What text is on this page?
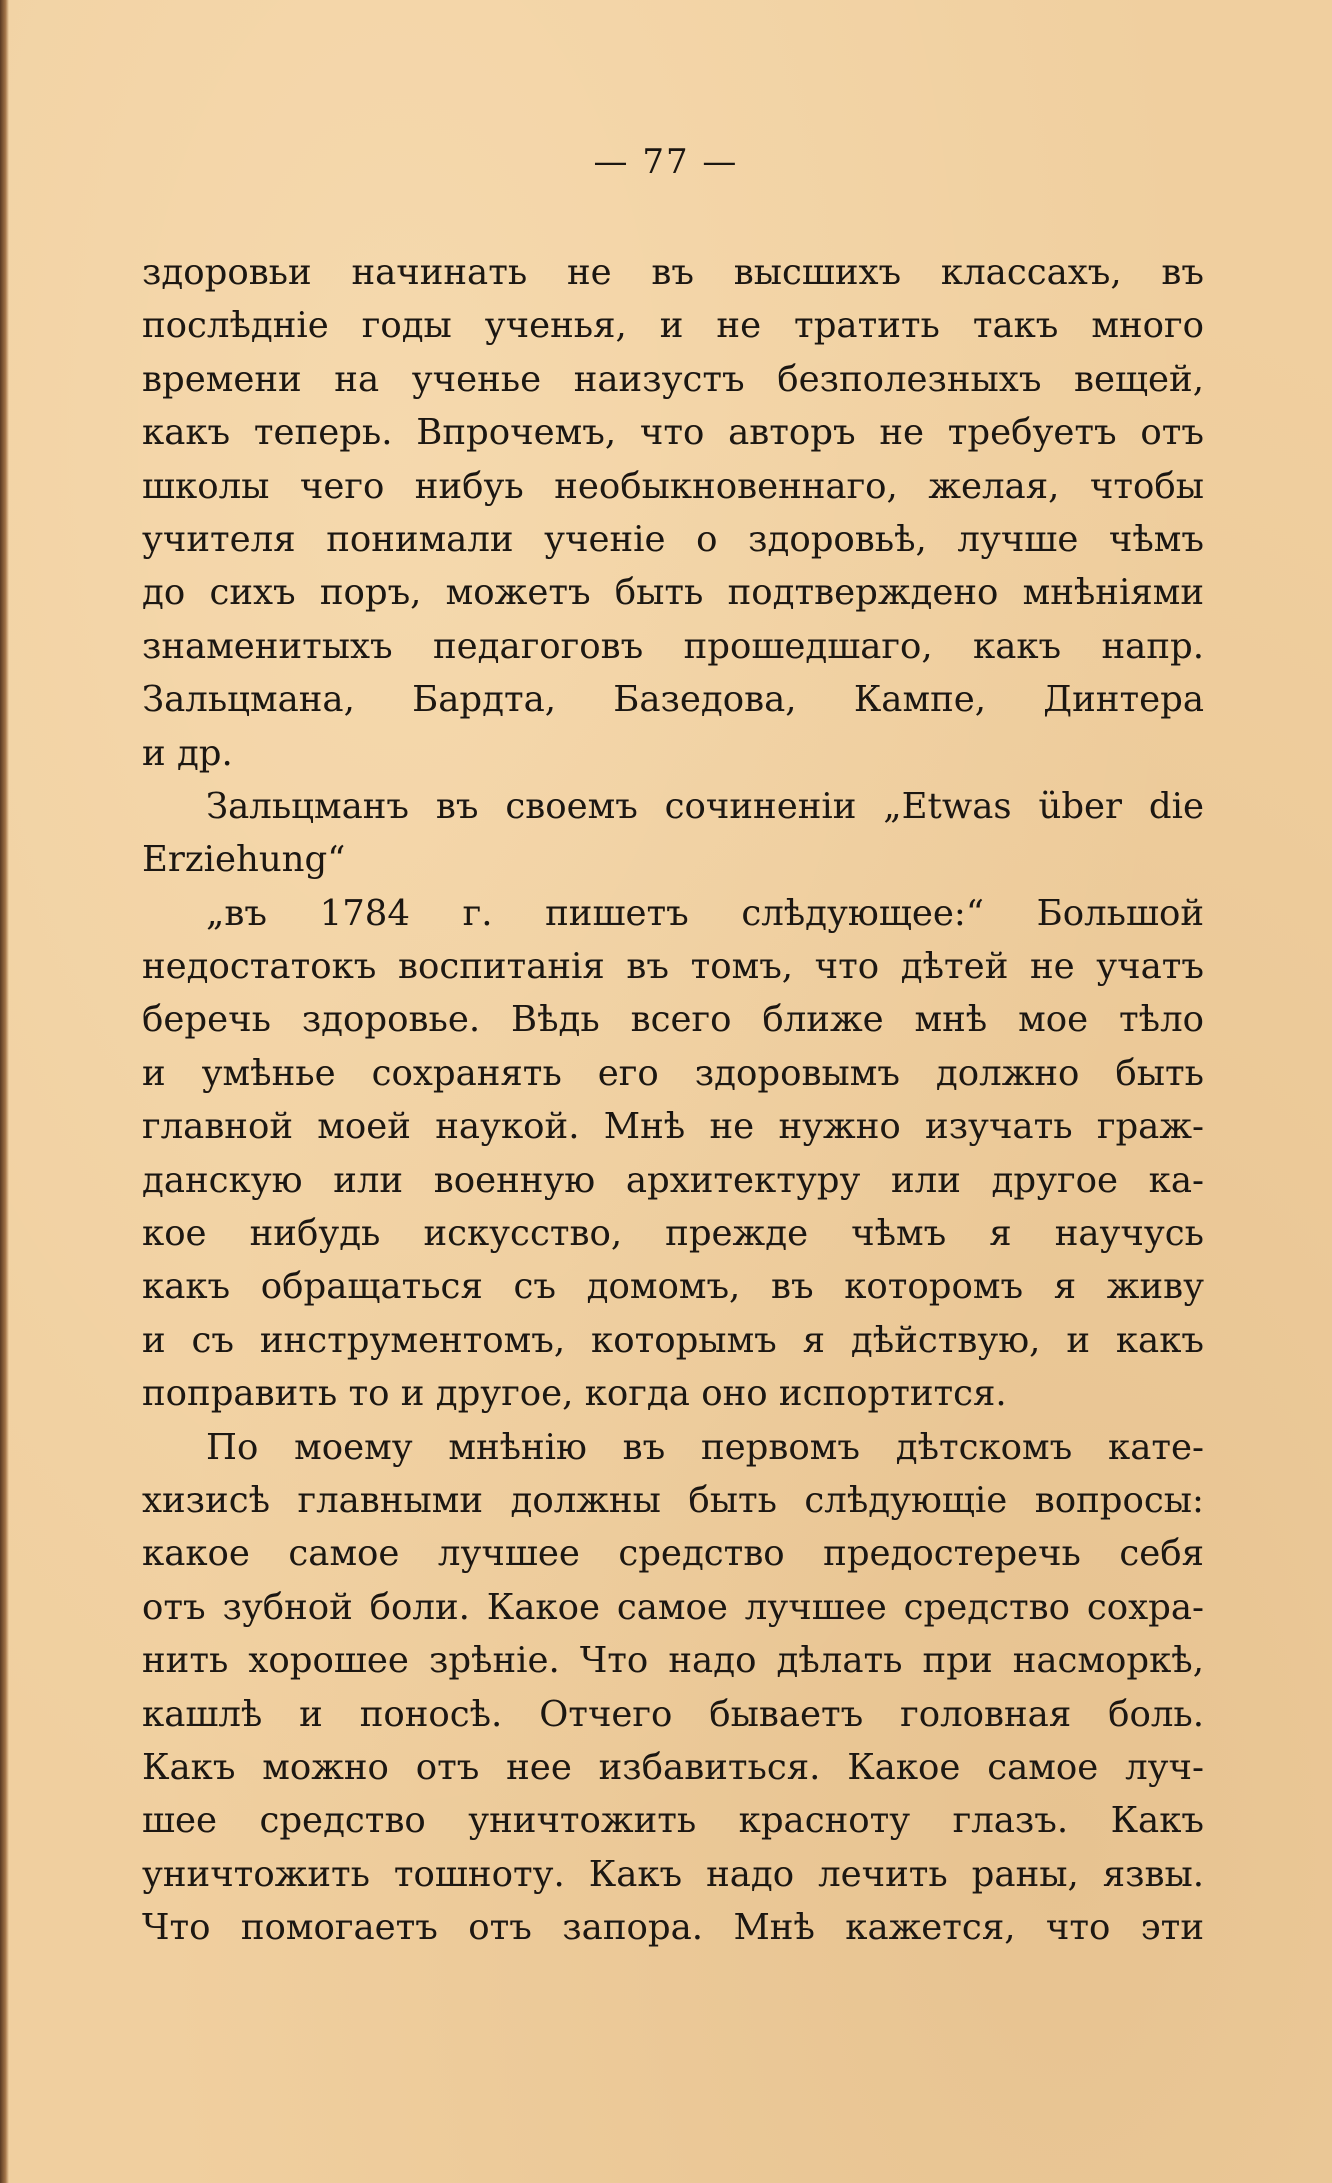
— 77 —
здоровьи начинать не въ высшихъ классахъ, въ
послѣдніе годы ученья, и не тратить такъ много
времени на ученье наизустъ безполезныхъ вещей,
какъ теперь. Впрочемъ, что авторъ не требуетъ отъ
школы чего нибуь необыкновеннаго, желая, чтобы
учителя понимали ученіе о здоровьѣ, лучше чѣмъ
до сихъ поръ, можетъ быть подтверждено мнѣніями
знаменитыхъ педагоговъ прошедшаго, какъ напр.
Зальцмана, Бардта, Базедова, Кампе, Динтера
и др.
Зальцманъ въ своемъ сочиненіи „Etwas über die
Erziehung“
„въ 1784 г. пишетъ слѣдующее:“ Большой
недостатокъ воспитанія въ томъ, что дѣтей не учатъ
беречь здоровье. Вѣдь всего ближе мнѣ мое тѣло
и умѣнье сохранять его здоровымъ должно быть
главной моей наукой. Мнѣ не нужно изучать граж-
данскую или военную архитектуру или другое ка-
кое нибудь искусство, прежде чѣмъ я научусь
какъ обращаться съ домомъ, въ которомъ я живу
и съ инструментомъ, которымъ я дѣйствую, и какъ
поправить то и другое, когда оно испортится.
По моему мнѣнію въ первомъ дѣтскомъ кате-
хизисѣ главными должны быть слѣдующіе вопросы:
какое самое лучшее средство предостеречь себя
отъ зубной боли. Какое самое лучшее средство сохра-
нить хорошее зрѣніе. Что надо дѣлать при насморкѣ,
кашлѣ и поносѣ. Отчего бываетъ головная боль.
Какъ можно отъ нее избавиться. Какое самое луч-
шее средство уничтожить красноту глазъ. Какъ
уничтожить тошноту. Какъ надо лечить раны, язвы.
Что помогаетъ отъ запора. Мнѣ кажется, что эти
